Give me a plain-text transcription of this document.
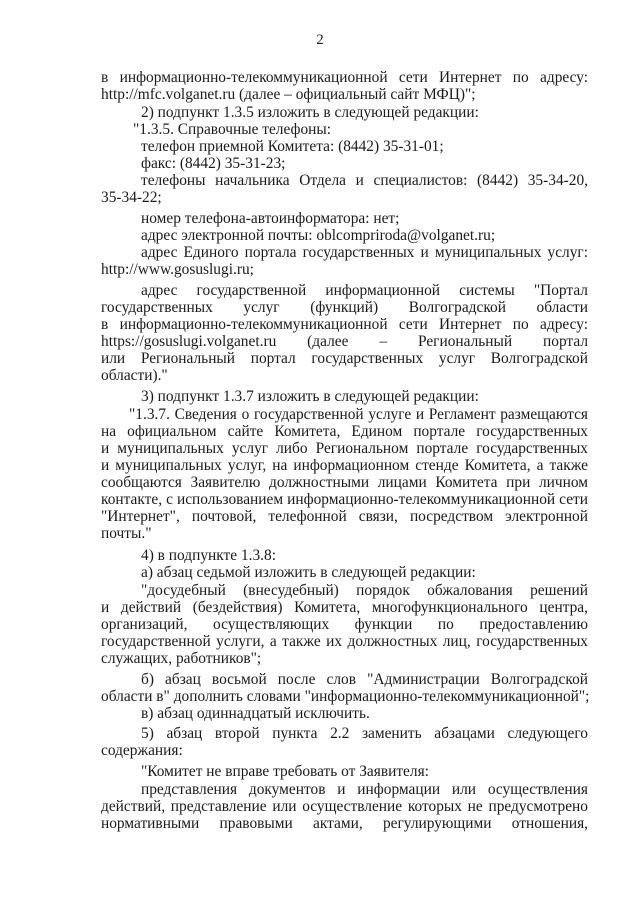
2
в информационно-телекоммуникационной сети Интернет по адресу:
http://mfc.volganet.ru (далее – официальный сайт МФЦ)";
2) подпункт 1.3.5 изложить в следующей редакции:
"1.3.5. Справочные телефоны:
телефон приемной Комитета: (8442) 35-31-01;
факс: (8442) 35-31-23;
телефоны начальника Отдела и специалистов: (8442) 35-34-20,
35-34-22;
номер телефона-автоинформатора: нет;
адрес электронной почты: oblcompriroda@volganet.ru;
адрес Единого портала государственных и муниципальных услуг:
http://www.gosuslugi.ru;
адрес государственной информационной системы "Портал
государственных услуг (функций) Волгоградской области
в информационно-телекоммуникационной сети Интернет по адресу:
https://gosuslugi.volganet.ru (далее – Региональный портал
или Региональный портал государственных услуг Волгоградской
области)."
3) подпункт 1.3.7 изложить в следующей редакции:
"1.3.7. Сведения о государственной услуге и Регламент размещаются
на официальном сайте Комитета, Едином портале государственных
и муниципальных услуг либо Региональном портале государственных
и муниципальных услуг, на информационном стенде Комитета, а также
сообщаются Заявителю должностными лицами Комитета при личном
контакте, с использованием информационно-телекоммуникационной сети
"Интернет", почтовой, телефонной связи, посредством электронной
почты."
4) в подпункте 1.3.8:
а) абзац седьмой изложить в следующей редакции:
"досудебный (внесудебный) порядок обжалования решений
и действий (бездействия) Комитета, многофункционального центра,
организаций, осуществляющих функции по предоставлению
государственной услуги, а также их должностных лиц, государственных
служащих, работников";
б) абзац восьмой после слов "Администрации Волгоградской
области в" дополнить словами "информационно-телекоммуникационной";
в) абзац одиннадцатый исключить.
5) абзац второй пункта 2.2 заменить абзацами следующего
содержания:
"Комитет не вправе требовать от Заявителя:
представления документов и информации или осуществления
действий, представление или осуществление которых не предусмотрено
нормативными правовыми актами, регулирующими отношения,
